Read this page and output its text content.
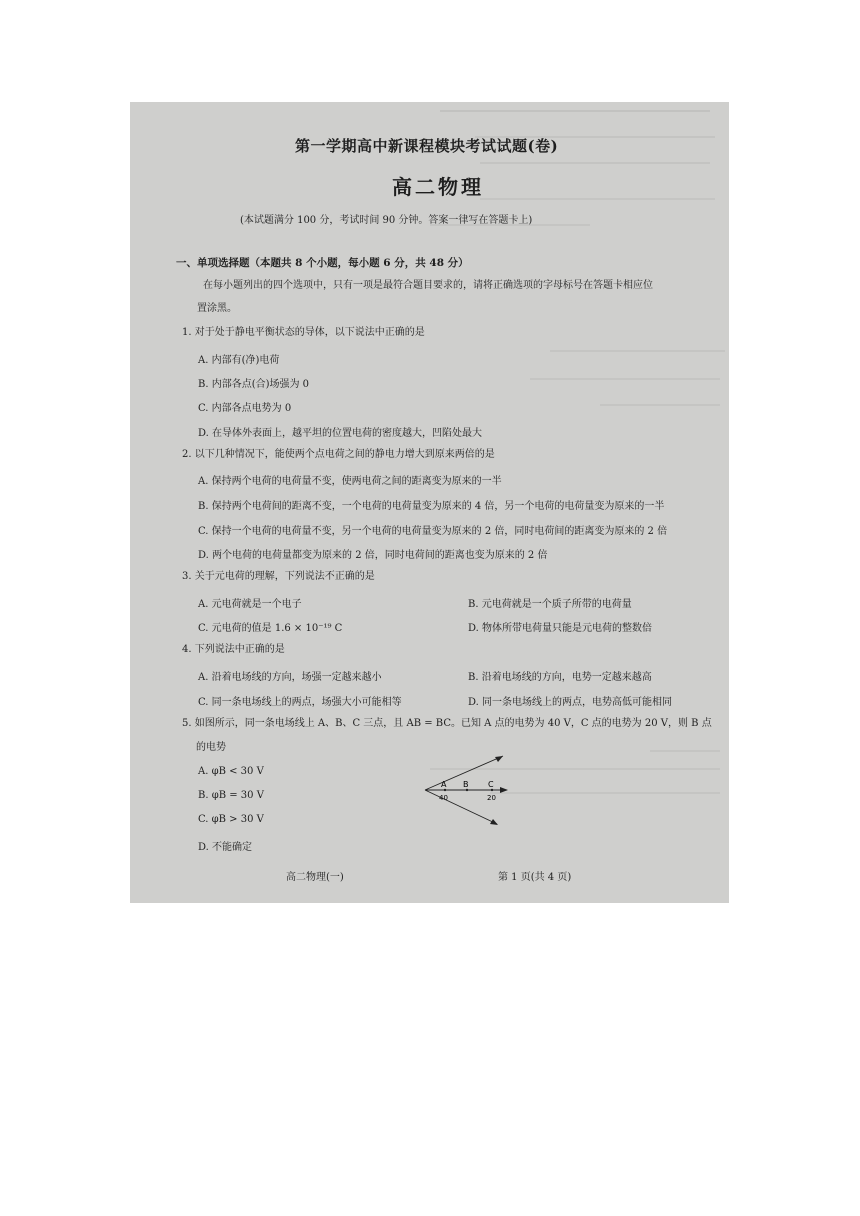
第一学期高中新课程模块考试试题(卷)
高二物理
(本试题满分 100 分，考试时间 90 分钟。答案一律写在答题卡上)
一、单项选择题（本题共 8 个小题，每小题 6 分，共 48 分）
在每小题列出的四个选项中，只有一项是最符合题目要求的，请将正确选项的字母标号在答题卡相应位
置涂黑。
1. 对于处于静电平衡状态的导体，以下说法中正确的是
A. 内部有(净)电荷
B. 内部各点(合)场强为 0
C. 内部各点电势为 0
D. 在导体外表面上，越平坦的位置电荷的密度越大，凹陷处最大
2. 以下几种情况下，能使两个点电荷之间的静电力增大到原来两倍的是
A. 保持两个电荷的电荷量不变，使两电荷之间的距离变为原来的一半
B. 保持两个电荷间的距离不变，一个电荷的电荷量变为原来的 4 倍，另一个电荷的电荷量变为原来的一半
C. 保持一个电荷的电荷量不变，另一个电荷的电荷量变为原来的 2 倍，同时电荷间的距离变为原来的 2 倍
D. 两个电荷的电荷量都变为原来的 2 倍，同时电荷间的距离也变为原来的 2 倍
3. 关于元电荷的理解，下列说法不正确的是
A. 元电荷就是一个电子	B. 元电荷就是一个质子所带的电荷量
C. 元电荷的值是 1.6 × 10⁻¹⁹ C	D. 物体所带电荷量只能是元电荷的整数倍
4. 下列说法中正确的是
A. 沿着电场线的方向，场强一定越来越小	B. 沿着电场线的方向，电势一定越来越高
C. 同一条电场线上的两点，场强大小可能相等	D. 同一条电场线上的两点，电势高低可能相同
5. 如图所示，同一条电场线上 A、B、C 三点，且 AB = BC。已知 A 点的电势为 40 V，C 点的电势为 20 V，则 B 点
的电势
A. φB < 30 V
B. φB = 30 V
C. φB > 30 V
D. 不能确定
A B C
40	20
高二物理(一)	第 1 页(共 4 页)
